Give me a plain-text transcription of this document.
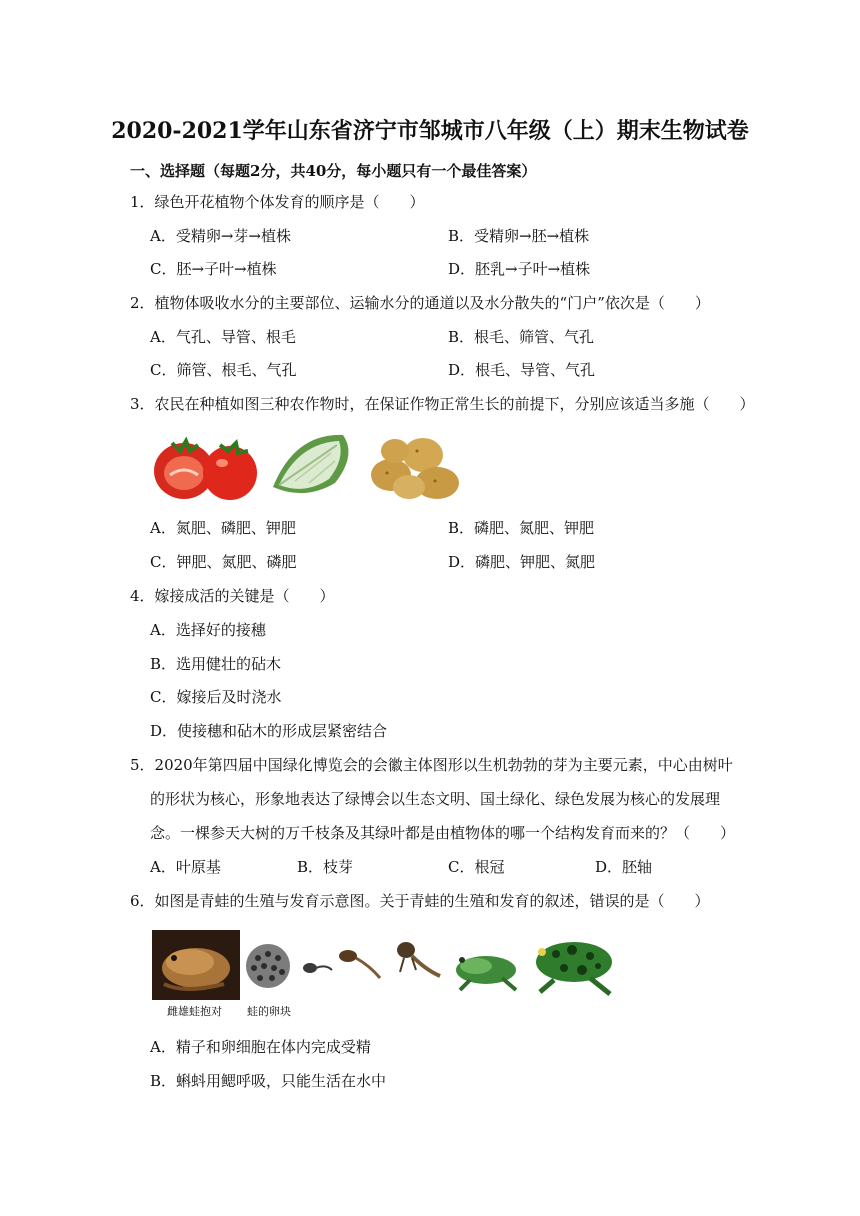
2020-2021学年山东省济宁市邹城市八年级（上）期末生物试卷
一、选择题（每题2分，共40分，每小题只有一个最佳答案）
1．绿色开花植物个体发育的顺序是（　　）
A．受精卵→芽→植株	B．受精卵→胚→植株
C．胚→子叶→植株	D．胚乳→子叶→植株
2．植物体吸收水分的主要部位、运输水分的通道以及水分散失的“门户”依次是（　　）
A．气孔、导管、根毛	B．根毛、筛管、气孔
C．筛管、根毛、气孔	D．根毛、导管、气孔
3．农民在种植如图三种农作物时，在保证作物正常生长的前提下，分别应该适当多施（　　）
A．氮肥、磷肥、钾肥	B．磷肥、氮肥、钾肥
C．钾肥、氮肥、磷肥	D．磷肥、钾肥、氮肥
4．嫁接成活的关键是（　　）
A．选择好的接穗
B．选用健壮的砧木
C．嫁接后及时浇水
D．使接穗和砧木的形成层紧密结合
5．2020年第四届中国绿化博览会的会徽主体图形以生机勃勃的芽为主要元素，中心由树叶
的形状为核心，形象地表达了绿博会以生态文明、国土绿化、绿色发展为核心的发展理
念。一棵参天大树的万千枝条及其绿叶都是由植物体的哪一个结构发育而来的？（　　）
A．叶原基	B．枝芽	C．根冠	D．胚轴
6．如图是青蛙的生殖与发育示意图。关于青蛙的生殖和发育的叙述，错误的是（　　）
雌雄蛙抱对 蛙的卵块
A．精子和卵细胞在体内完成受精
B．蝌蚪用鳃呼吸，只能生活在水中
